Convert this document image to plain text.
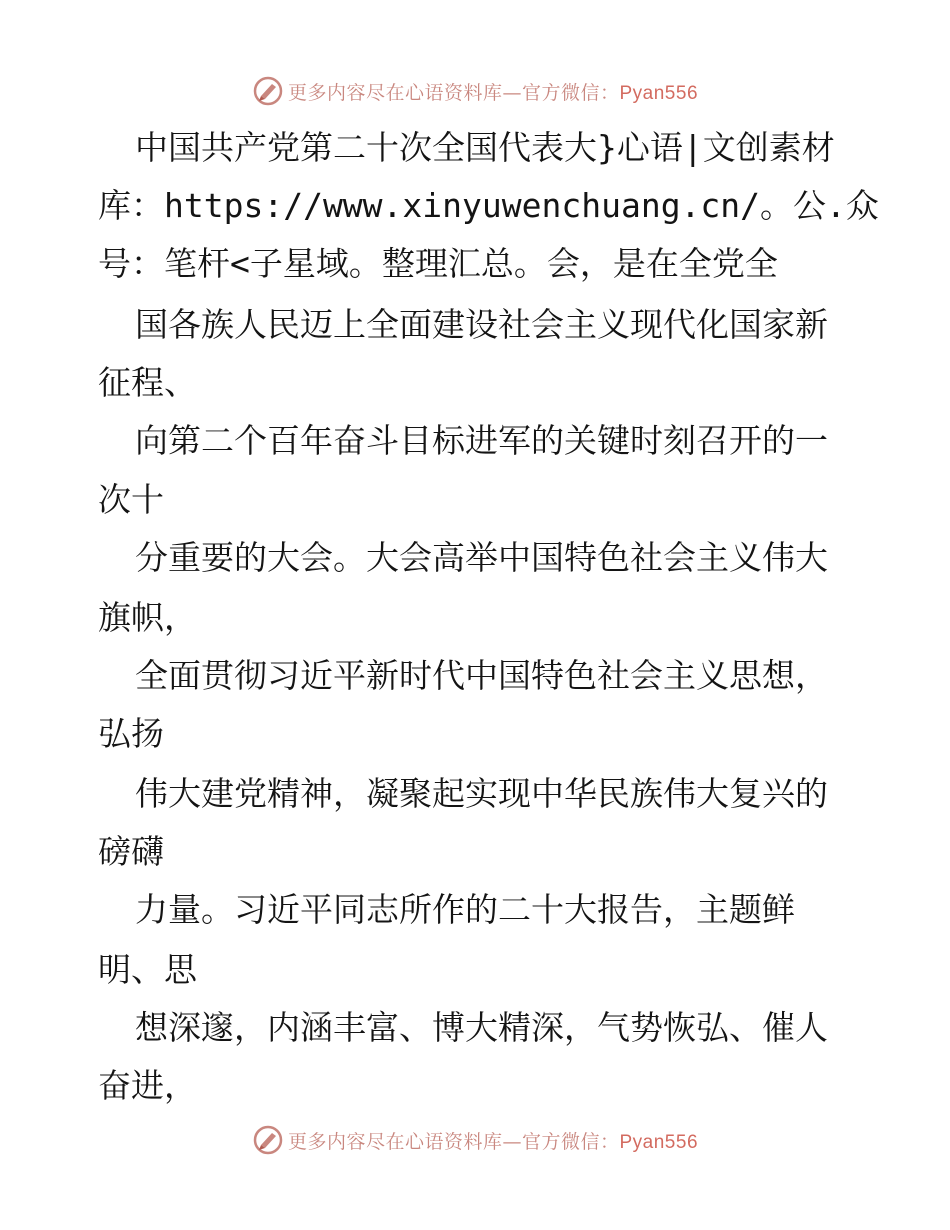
更多内容尽在心语资料库—官方微信：Pyan556
中国共产党第二十次全国代表大}心语|文创素材
库：https://www.xinyuwenchuang.cn/。公.众
号：笔杆<子星域。整理汇总。会，是在全党全
国各族人民迈上全面建设社会主义现代化国家新
征程、
向第二个百年奋斗目标进军的关键时刻召开的一
次十
分重要的大会。大会高举中国特色社会主义伟大
旗帜，
全面贯彻习近平新时代中国特色社会主义思想，
弘扬
伟大建党精神，凝聚起实现中华民族伟大复兴的
磅礴
力量。习近平同志所作的二十大报告，主题鲜
明、思
想深邃，内涵丰富、博大精深，气势恢弘、催人
奋进，
更多内容尽在心语资料库—官方微信：Pyan556
